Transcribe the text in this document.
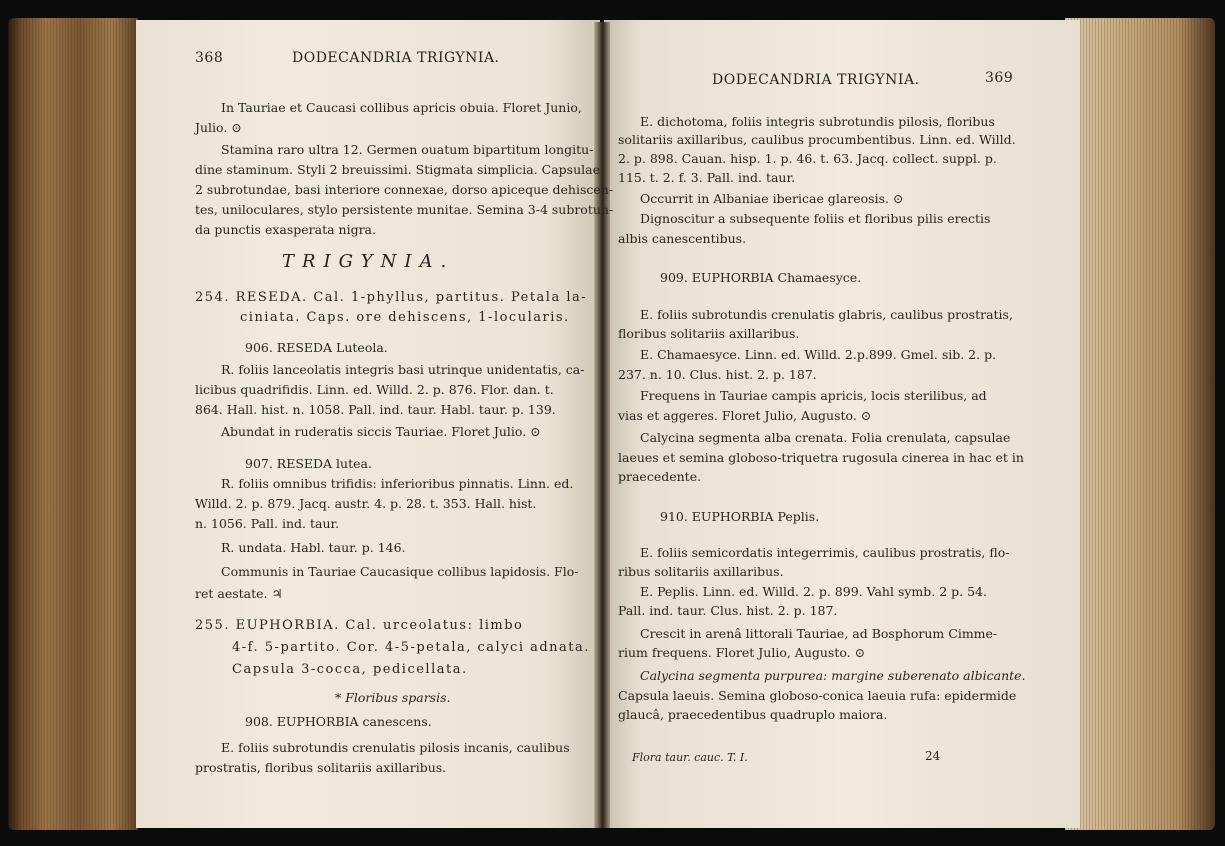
368	DODECANDRIA TRIGYNIA.
In Tauriae et Caucasi collibus apricis obuia. Floret Junio,
Julio. ⊙
Stamina raro ultra 12. Germen ouatum bipartitum longitu-
dine staminum. Styli 2 breuissimi. Stigmata simplicia. Capsulae
2 subrotundae, basi interiore connexae, dorso apiceque dehiscen-
tes, uniloculares, stylo persistente munitae. Semina 3-4 subrotun-
da punctis exasperata nigra.
TRIGYNIA.
254. RESEDA. Cal. 1-phyllus, partitus. Petala la-
ciniata. Caps. ore dehiscens, 1-locularis.
906. RESEDA Luteola.
R. foliis lanceolatis integris basi utrinque unidentatis, ca-
licibus quadrifidis. Linn. ed. Willd. 2. p. 876. Flor. dan. t.
864. Hall. hist. n. 1058. Pall. ind. taur. Habl. taur. p. 139.
Abundat in ruderatis siccis Tauriae. Floret Julio. ⊙
907. RESEDA lutea.
R. foliis omnibus trifidis: inferioribus pinnatis. Linn. ed.
Willd. 2. p. 879. Jacq. austr. 4. p. 28. t. 353. Hall. hist.
n. 1056. Pall. ind. taur.
R. undata. Habl. taur. p. 146.
Communis in Tauriae Caucasique collibus lapidosis. Flo-
ret aestate. ♃
255. EUPHORBIA. Cal. urceolatus: limbo
4-f. 5-partito. Cor. 4-5-petala, calyci adnata.
Capsula 3-cocca, pedicellata.
* Floribus sparsis.
908. EUPHORBIA canescens.
E. foliis subrotundis crenulatis pilosis incanis, caulibus
prostratis, floribus solitariis axillaribus.
DODECANDRIA TRIGYNIA.	369
E. dichotoma, foliis integris subrotundis pilosis, floribus
solitariis axillaribus, caulibus procumbentibus. Linn. ed. Willd.
2. p. 898. Cauan. hisp. 1. p. 46. t. 63. Jacq. collect. suppl. p.
115. t. 2. f. 3. Pall. ind. taur.
Occurrit in Albaniae ibericae glareosis. ⊙
Dignoscitur a subsequente foliis et floribus pilis erectis
albis canescentibus.
909. EUPHORBIA Chamaesyce.
E. foliis subrotundis crenulatis glabris, caulibus prostratis,
floribus solitariis axillaribus.
E. Chamaesyce. Linn. ed. Willd. 2.p.899. Gmel. sib. 2. p.
237. n. 10. Clus. hist. 2. p. 187.
Frequens in Tauriae campis apricis, locis sterilibus, ad
vias et aggeres. Floret Julio, Augusto. ⊙
Calycina segmenta alba crenata. Folia crenulata, capsulae
laeues et semina globoso-triquetra rugosula cinerea in hac et in
praecedente.
910. EUPHORBIA Peplis.
E. foliis semicordatis integerrimis, caulibus prostratis, flo-
ribus solitariis axillaribus.
E. Peplis. Linn. ed. Willd. 2. p. 899. Vahl symb. 2 p. 54.
Pall. ind. taur. Clus. hist. 2. p. 187.
Crescit in arenâ littorali Tauriae, ad Bosphorum Cimme-
rium frequens. Floret Julio, Augusto. ⊙
Calycina segmenta purpurea: margine suberenato albicante.
Capsula laeuis. Semina globoso-conica laeuia rufa: epidermide
glaucâ, praecedentibus quadruplo maiora.
Flora taur. cauc. T. I.	24
